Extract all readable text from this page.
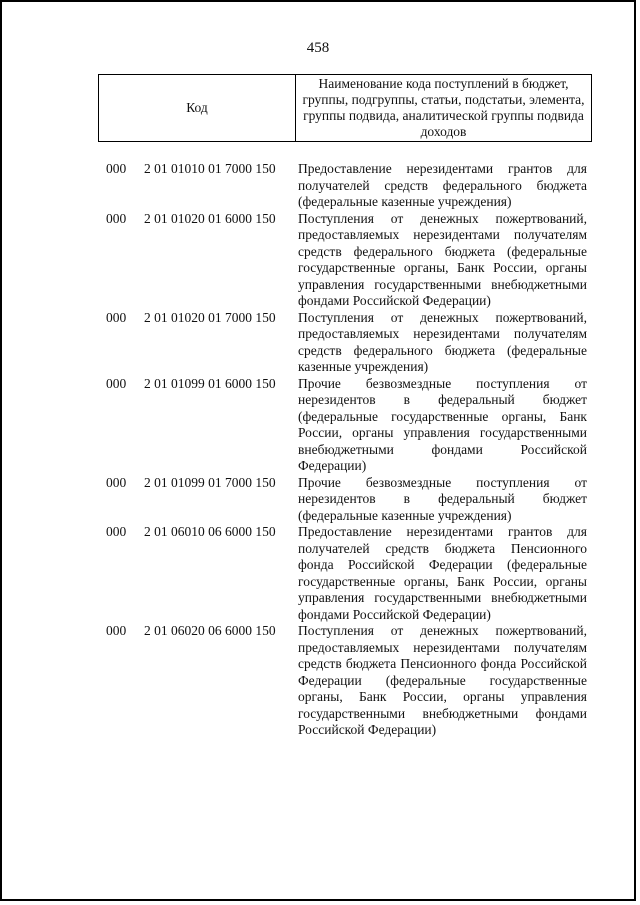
458
Код	Наименование кода поступлений в бюджет, группы, подгруппы, статьи, подстатьи, элемента, группы подвида, аналитической группы подвида доходов
000 2 01 01010 01 7000 150 Предоставление нерезидентами грантов для получателей средств федерального бюджета (федеральные казенные учреждения)
000 2 01 01020 01 6000 150 Поступления от денежных пожертвований, предоставляемых нерезидентами получателям средств федерального бюджета (федеральные государственные органы, Банк России, органы управления государственными внебюджетными фондами Российской Федерации)
000 2 01 01020 01 7000 150 Поступления от денежных пожертвований, предоставляемых нерезидентами получателям средств федерального бюджета (федеральные казенные учреждения)
000 2 01 01099 01 6000 150 Прочие безвозмездные поступления от нерезидентов в федеральный бюджет (федеральные государственные органы, Банк России, органы управления государственными внебюджетными фондами Российской Федерации)
000 2 01 01099 01 7000 150 Прочие безвозмездные поступления от нерезидентов в федеральный бюджет (федеральные казенные учреждения)
000 2 01 06010 06 6000 150 Предоставление нерезидентами грантов для получателей средств бюджета Пенсионного фонда Российской Федерации (федеральные государственные органы, Банк России, органы управления государственными внебюджетными фондами Российской Федерации)
000 2 01 06020 06 6000 150 Поступления от денежных пожертвований, предоставляемых нерезидентами получателям средств бюджета Пенсионного фонда Российской Федерации (федеральные государственные органы, Банк России, органы управления государственными внебюджетными фондами Российской Федерации)
